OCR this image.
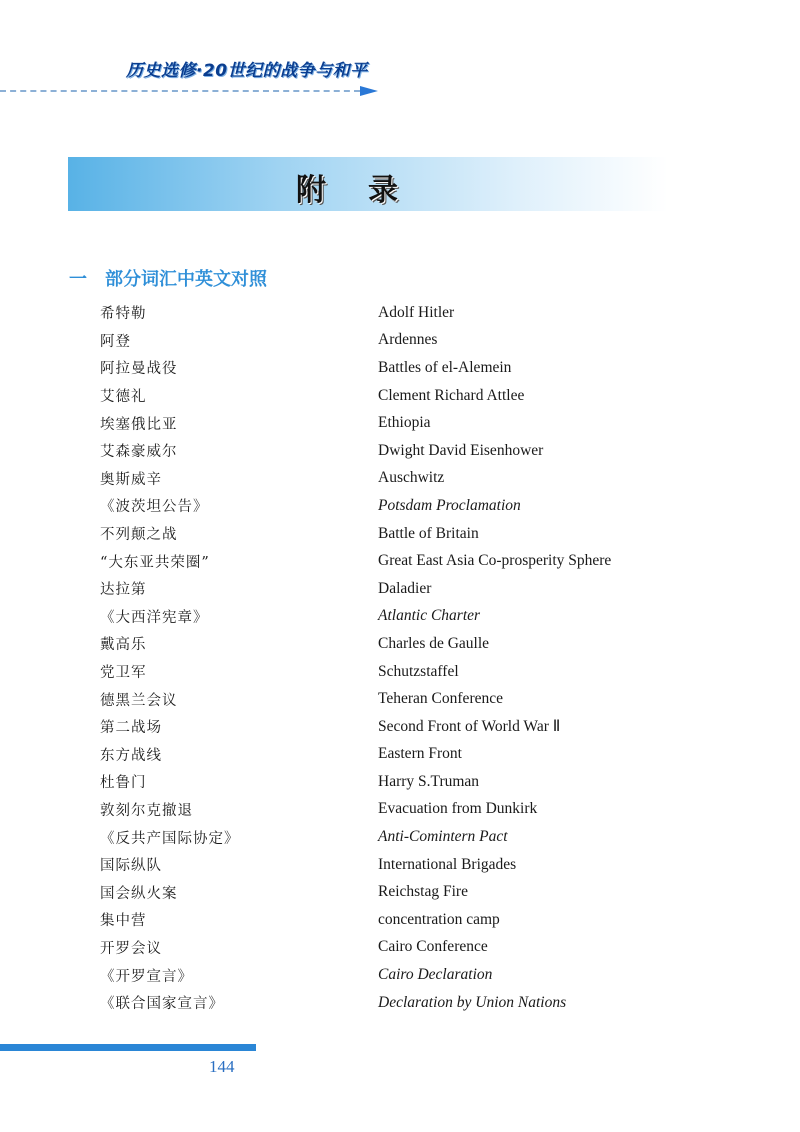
历史选修·20世纪的战争与和平
附录
一 部分词汇中英文对照
希特勒	Adolf Hitler
阿登	Ardennes
阿拉曼战役	Battles of el-Alemein
艾德礼	Clement Richard Attlee
埃塞俄比亚	Ethiopia
艾森豪威尔	Dwight David Eisenhower
奥斯威辛	Auschwitz
《波茨坦公告》	Potsdam Proclamation
不列颠之战	Battle of Britain
“大东亚共荣圈”	Great East Asia Co-prosperity Sphere
达拉第	Daladier
《大西洋宪章》	Atlantic Charter
戴高乐	Charles de Gaulle
党卫军	Schutzstaffel
德黑兰会议	Teheran Conference
第二战场	Second Front of World War Ⅱ
东方战线	Eastern Front
杜鲁门	Harry S.Truman
敦刻尔克撤退	Evacuation from Dunkirk
《反共产国际协定》	Anti-Comintern Pact
国际纵队	International Brigades
国会纵火案	Reichstag Fire
集中营	concentration camp
开罗会议	Cairo Conference
《开罗宣言》	Cairo Declaration
《联合国家宣言》	Declaration by Union Nations
144
